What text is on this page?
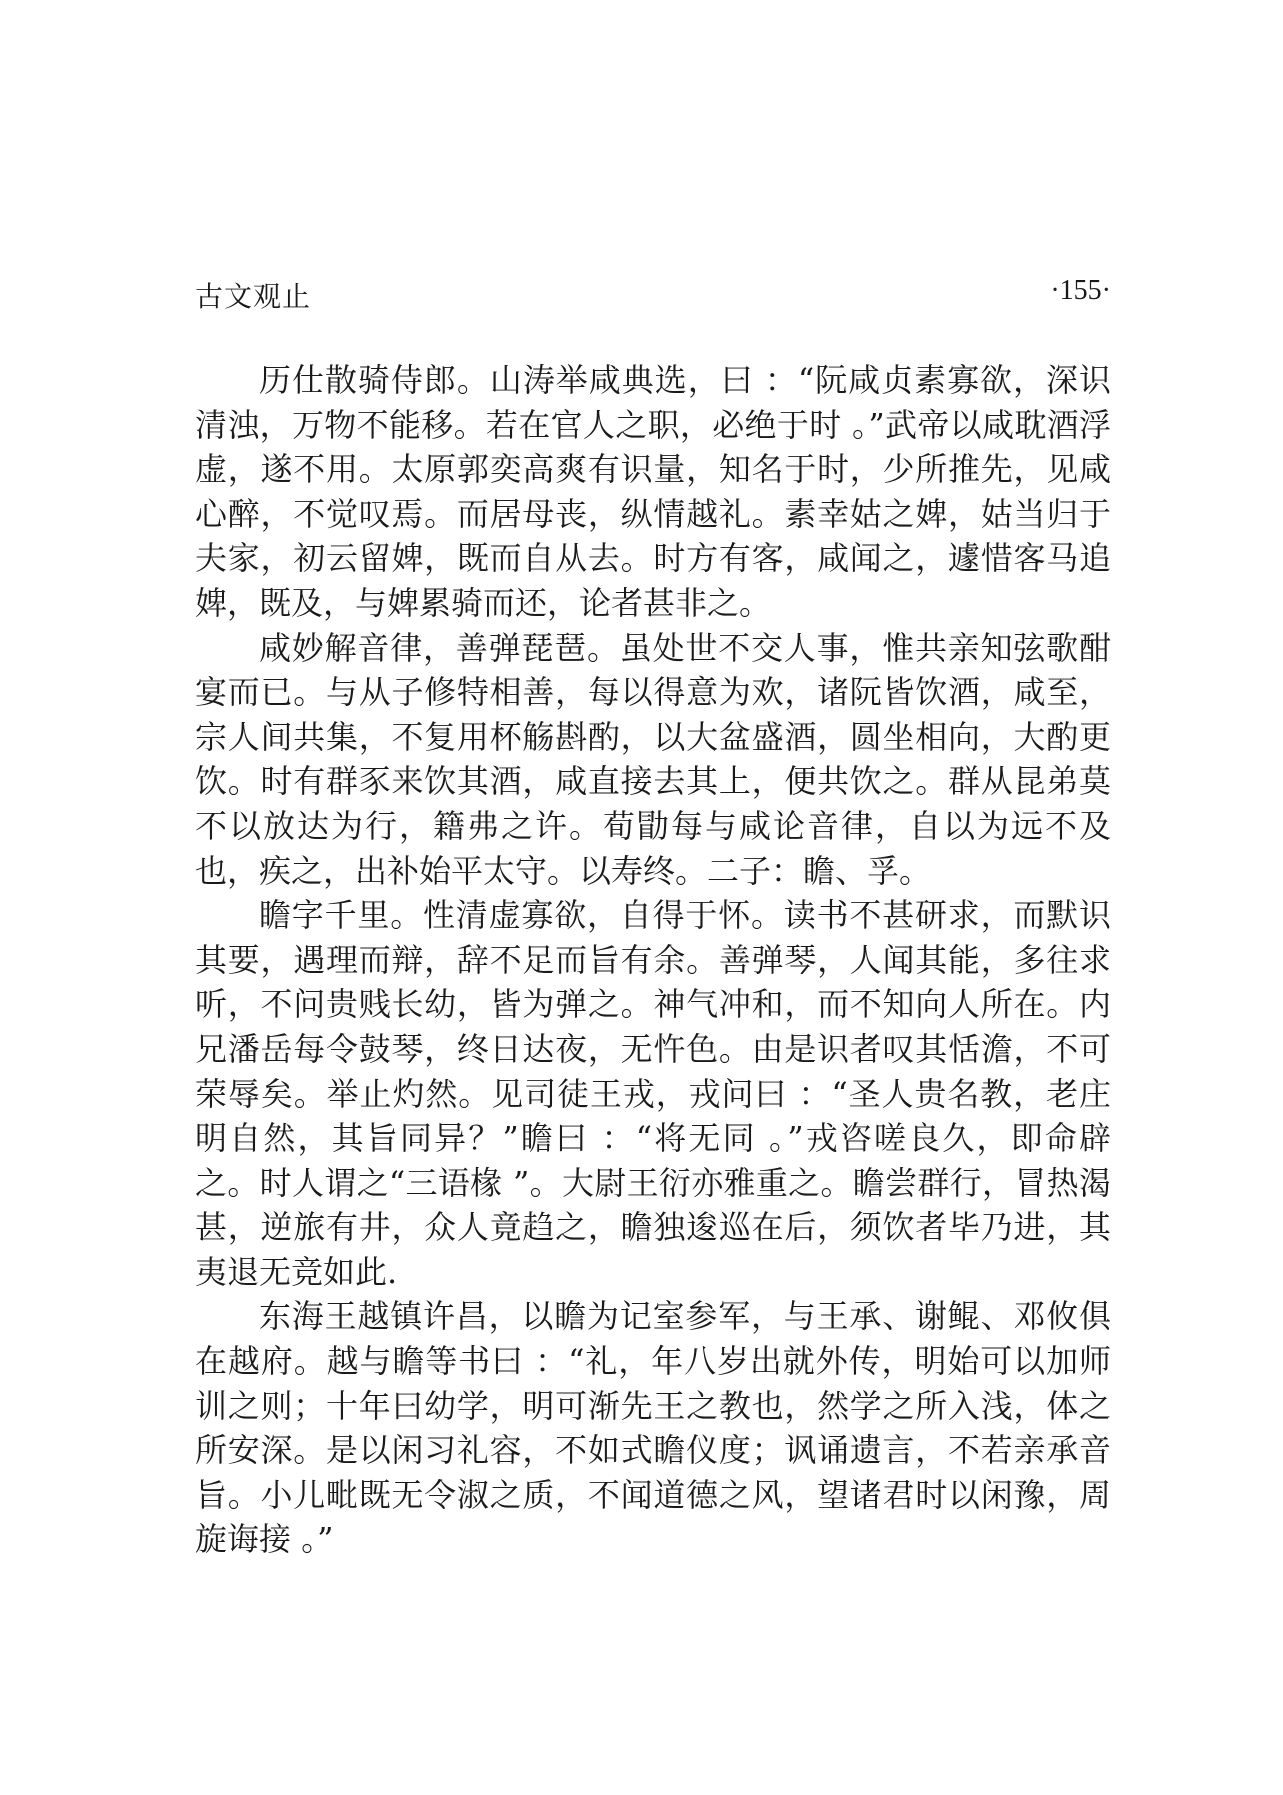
古文观止	·155·

历仕散骑侍郎。山涛举咸典选，曰 ：“阮咸贞素寡欲，深识清浊，万物不能移。若在官人之职，必绝于时 。”武帝以咸耽酒浮虚，遂不用。太原郭奕高爽有识量，知名于时，少所推先，见咸心醉，不觉叹焉。而居母丧，纵情越礼。素幸姑之婢，姑当归于夫家，初云留婢，既而自从去。时方有客，咸闻之，遽惜客马追婢，既及，与婢累骑而还，论者甚非之。

咸妙解音律，善弹琵琶。虽处世不交人事，惟共亲知弦歌酣宴而已。与从子修特相善，每以得意为欢，诸阮皆饮酒，咸至，宗人间共集，不复用杯觞斟酌，以大盆盛酒，圆坐相向，大酌更饮。时有群豕来饮其酒，咸直接去其上，便共饮之。群从昆弟莫不以放达为行，籍弗之许。荀勖每与咸论音律，自以为远不及也，疾之，出补始平太守。以寿终。二子：瞻、孚。

瞻字千里。性清虚寡欲，自得于怀。读书不甚研求，而默识其要，遇理而辩，辞不足而旨有余。善弹琴，人闻其能，多往求听，不问贵贱长幼，皆为弹之。神气冲和，而不知向人所在。内兄潘岳每令鼓琴，终日达夜，无忤色。由是识者叹其恬澹，不可荣辱矣。举止灼然。见司徒王戎，戎问曰 ：“圣人贵名教，老庄明自然，其旨同异？”瞻曰 ：“将无同 。”戎咨嗟良久，即命辟之。时人谓之“三语椽 ”。大尉王衍亦雅重之。瞻尝群行，冒热渴甚，逆旅有井，众人竟趋之，瞻独逡巡在后，须饮者毕乃进，其夷退无竞如此.

东海王越镇许昌，以瞻为记室参军，与王承、谢鲲、邓攸俱在越府。越与瞻等书曰 ：“礼，年八岁出就外传，明始可以加师训之则；十年曰幼学，明可渐先王之教也，然学之所入浅，体之所安深。是以闲习礼容，不如式瞻仪度；讽诵遗言，不若亲承音旨。小儿毗既无令淑之质，不闻道德之风，望诸君时以闲豫，周旋诲接 。”
